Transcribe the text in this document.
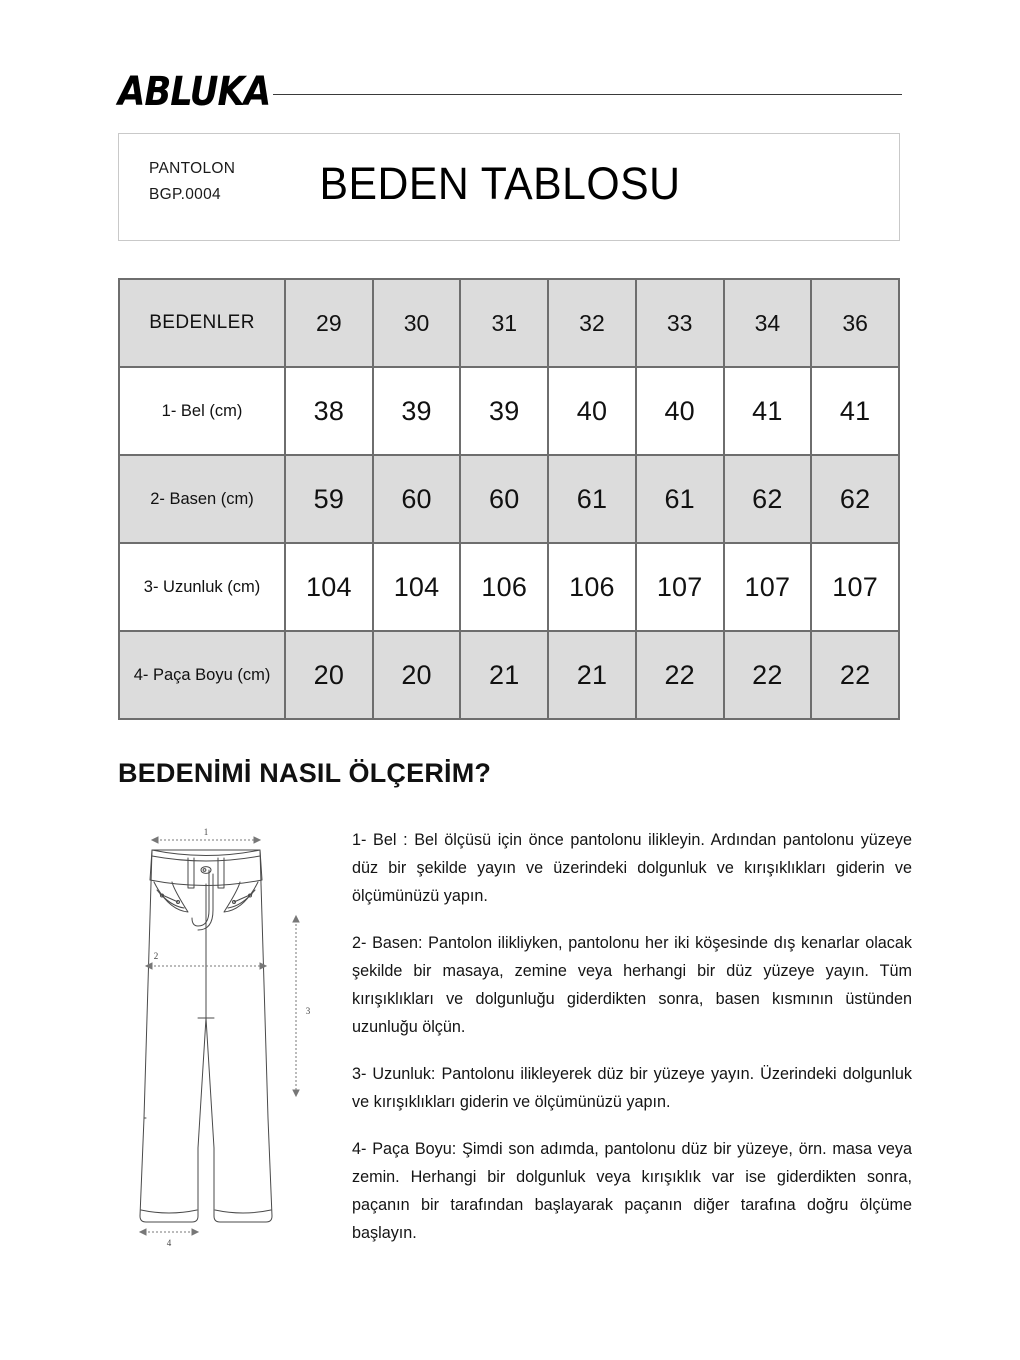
ABLUKA
PANTOLON
BGP.0004	BEDEN TABLOSU
BEDENLER	29	30	31	32	33	34	36
1- Bel (cm)	38	39	39	40	40	41	41
2- Basen (cm)	59	60	60	61	61	62	62
3- Uzunluk (cm)	104	104	106	106	107	107	107
4- Paça Boyu (cm)	20	20	21	21	22	22	22
BEDENİMİ NASIL ÖLÇERİM?
1
2
3
4

1- Bel : Bel ölçüsü için önce pantolonu ilikleyin. Ardından pantolonu yüzeye düz bir şekilde yayın ve üzerindeki dolgunluk ve kırışıklıkları giderin ve ölçümünüzü yapın.

2- Basen: Pantolon ilikliyken, pantolonu her iki köşesinde dış kenarlar olacak şekilde bir masaya, zemine veya herhangi bir düz yüzeye yayın. Tüm kırışıklıkları ve dolgunluğu giderdikten sonra, basen kısmının üstünden uzunluğu ölçün.

3- Uzunluk: Pantolonu ilikleyerek düz bir yüzeye yayın. Üzerindeki dolgunluk ve kırışıklıkları giderin ve ölçümünüzü yapın.

4- Paça Boyu: Şimdi son adımda, pantolonu düz bir yüzeye, örn. masa veya zemin. Herhangi bir dolgunluk veya kırışıklık var ise giderdikten sonra, paçanın bir tarafından başlayarak paçanın diğer tarafına doğru ölçüme başlayın.
